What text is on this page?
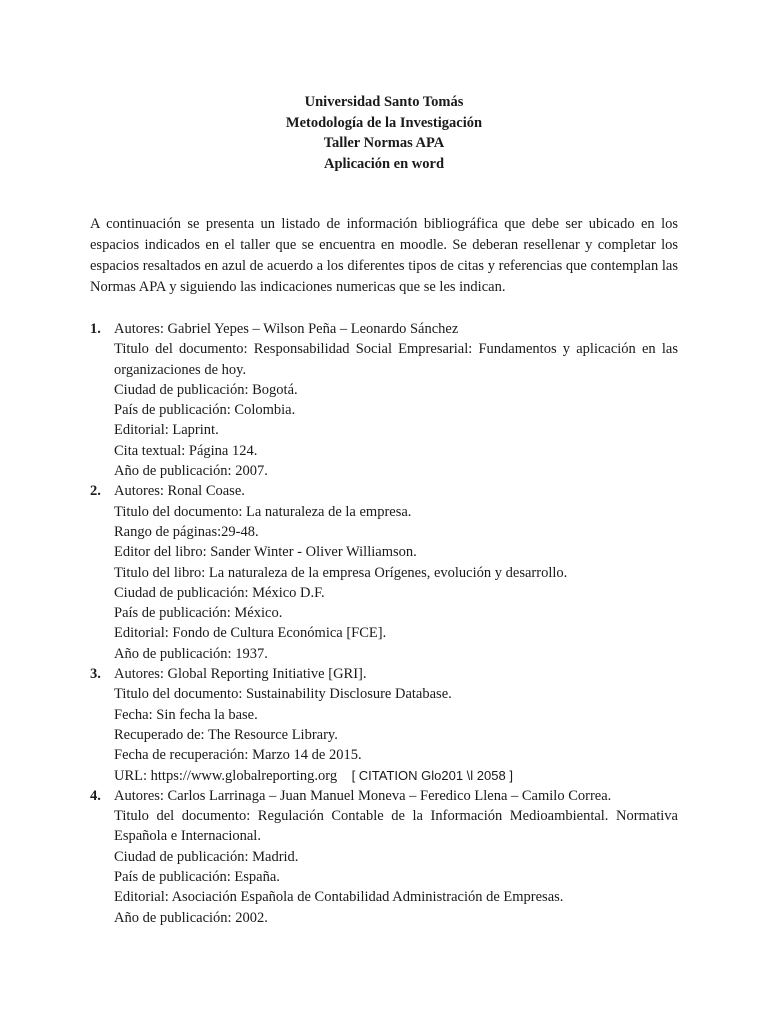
Universidad Santo Tomás
Metodología de la Investigación
Taller Normas APA
Aplicación en word

A continuación se presenta un listado de información bibliográfica que debe ser ubicado en los espacios indicados en el taller que se encuentra en moodle. Se deberan resellenar y completar los espacios resaltados en azul de acuerdo a los diferentes tipos de citas y referencias que contemplan las Normas APA y siguiendo las indicaciones numericas que se les indican.

1. Autores: Gabriel Yepes – Wilson Peña – Leonardo Sánchez
Titulo del documento: Responsabilidad Social Empresarial: Fundamentos y aplicación en las organizaciones de hoy.
Ciudad de publicación: Bogotá.
País de publicación: Colombia.
Editorial: Laprint.
Cita textual: Página 124.
Año de publicación: 2007.
2. Autores: Ronal Coase.
Titulo del documento: La naturaleza de la empresa.
Rango de páginas:29-48.
Editor del libro: Sander Winter - Oliver Williamson.
Titulo del libro: La naturaleza de la empresa Orígenes, evolución y desarrollo.
Ciudad de publicación: México D.F.
País de publicación: México.
Editorial: Fondo de Cultura Económica [FCE].
Año de publicación: 1937.
3. Autores: Global Reporting Initiative [GRI].
Titulo del documento: Sustainability Disclosure Database.
Fecha: Sin fecha la base.
Recuperado de: The Resource Library.
Fecha de recuperación: Marzo 14 de 2015.
URL: https://www.globalreporting.org    [ CITATION Glo201 \l 2058 ]
4. Autores: Carlos Larrinaga – Juan Manuel Moneva – Feredico Llena – Camilo Correa.
Titulo del documento: Regulación Contable de la Información Medioambiental. Normativa Española e Internacional.
Ciudad de publicación: Madrid.
País de publicación: España.
Editorial: Asociación Española de Contabilidad Administración de Empresas.
Año de publicación: 2002.
